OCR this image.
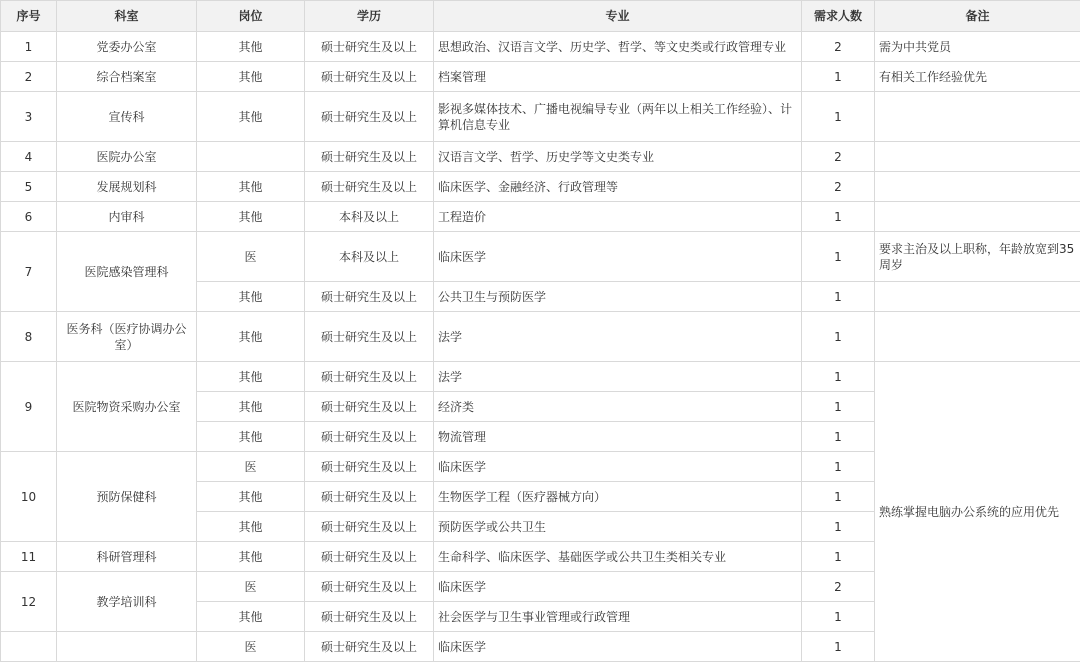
序号	科室	岗位	学历	专业	需求人数	备注	
1	党委办公室	其他	硕士研究生及以上	思想政治、汉语言文学、历史学、哲学、等文史类或行政管理专业	2	需为中共党员	
2	综合档案室	其他	硕士研究生及以上	档案管理	1	有相关工作经验优先	
3	宣传科	其他	硕士研究生及以上	影视多媒体技术、广播电视编导专业（两年以上相关工作经验）、计算机信息专业	1		
4	医院办公室		硕士研究生及以上	汉语言文学、哲学、历史学等文史类专业	2		
5	发展规划科	其他	硕士研究生及以上	临床医学、金融经济、行政管理等	2		
6	内审科	其他	本科及以上	工程造价	1		
7	医院感染管理科	医	本科及以上	临床医学	1	要求主治及以上职称，年龄放宽到35周岁	
		其他	硕士研究生及以上	公共卫生与预防医学	1		
8	医务科（医疗协调办公室）	其他	硕士研究生及以上	法学	1		
9	医院物资采购办公室	其他	硕士研究生及以上	法学	1	熟练掌握电脑办公系统的应用优先	
		其他	硕士研究生及以上	经济类	1		
		其他	硕士研究生及以上	物流管理	1		
10	预防保健科	医	硕士研究生及以上	临床医学	1		
		其他	硕士研究生及以上	生物医学工程（医疗器械方向）	1		
		其他	硕士研究生及以上	预防医学或公共卫生	1		
11	科研管理科	其他	硕士研究生及以上	生命科学、临床医学、基础医学或公共卫生类相关专业	1		
12	教学培训科	医	硕士研究生及以上	临床医学	2		
		其他	硕士研究生及以上	社会医学与卫生事业管理或行政管理	1		
		医	硕士研究生及以上	临床医学	1		
